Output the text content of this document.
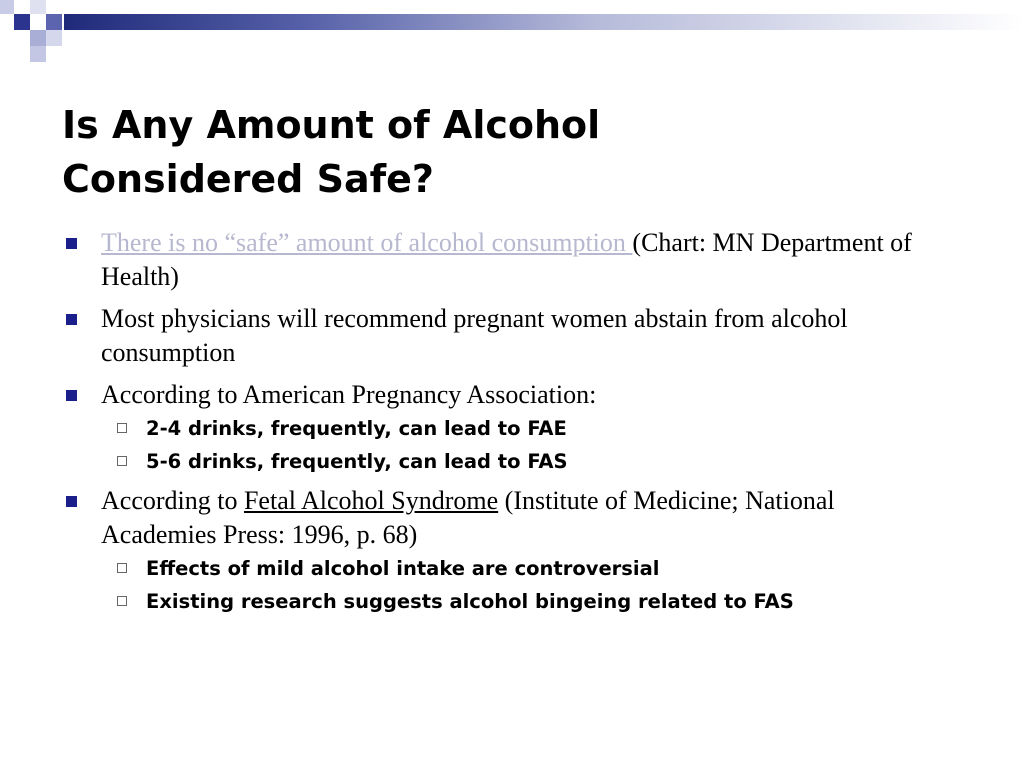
Is Any Amount of Alcohol
Considered Safe?
There is no “safe” amount of alcohol consumption (Chart: MN Department of Health)
Most physicians will recommend pregnant women abstain from alcohol consumption
According to American Pregnancy Association:
2-4 drinks, frequently, can lead to FAE
5-6 drinks, frequently, can lead to FAS
According to Fetal Alcohol Syndrome (Institute of Medicine; National Academies Press: 1996, p. 68)
Effects of mild alcohol intake are controversial
Existing research suggests alcohol bingeing related to FAS
